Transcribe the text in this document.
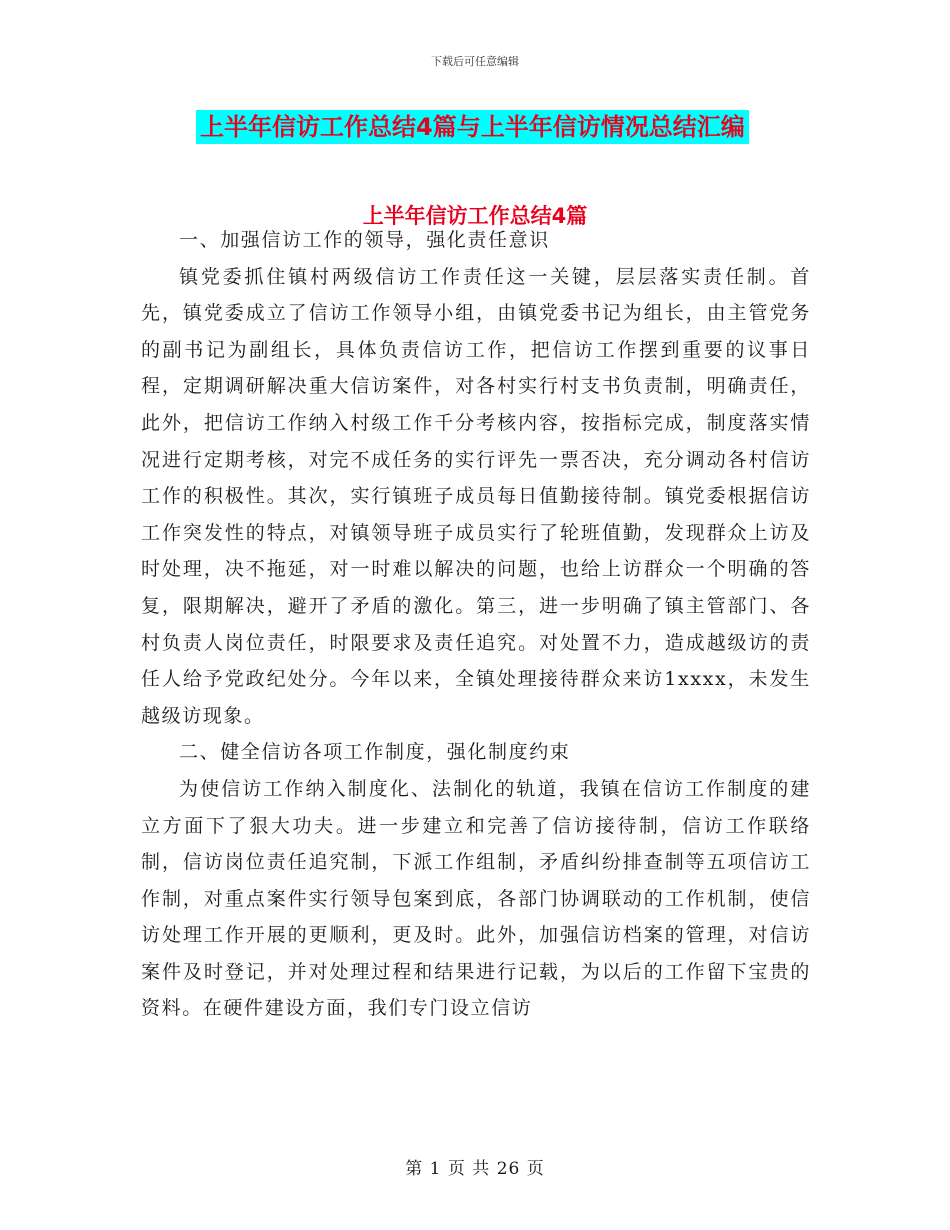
下载后可任意编辑
上半年信访工作总结4篇与上半年信访情况总结汇编
上半年信访工作总结4篇

一、加强信访工作的领导，强化责任意识

镇党委抓住镇村两级信访工作责任这一关键，层层落实责任制。首先，镇党委成立了信访工作领导小组，由镇党委书记为组长，由主管党务的副书记为副组长，具体负责信访工作，把信访工作摆到重要的议事日程，定期调研解决重大信访案件，对各村实行村支书负责制，明确责任，此外，把信访工作纳入村级工作千分考核内容，按指标完成，制度落实情况进行定期考核，对完不成任务的实行评先一票否决，充分调动各村信访工作的积极性。其次，实行镇班子成员每日值勤接待制。镇党委根据信访工作突发性的特点，对镇领导班子成员实行了轮班值勤，发现群众上访及时处理，决不拖延，对一时难以解决的问题，也给上访群众一个明确的答复，限期解决，避开了矛盾的激化。第三，进一步明确了镇主管部门、各村负责人岗位责任，时限要求及责任追究。对处置不力，造成越级访的责任人给予党政纪处分。今年以来，全镇处理接待群众来访1xxxx，未发生越级访现象。

二、健全信访各项工作制度，强化制度约束

为使信访工作纳入制度化、法制化的轨道，我镇在信访工作制度的建立方面下了狠大功夫。进一步建立和完善了信访接待制，信访工作联络制，信访岗位责任追究制，下派工作组制，矛盾纠纷排查制等五项信访工作制，对重点案件实行领导包案到底，各部门协调联动的工作机制，使信访处理工作开展的更顺利，更及时。此外，加强信访档案的管理，对信访案件及时登记，并对处理过程和结果进行记载，为以后的工作留下宝贵的资料。在硬件建设方面，我们专门设立信访

第 1 页 共 26 页
